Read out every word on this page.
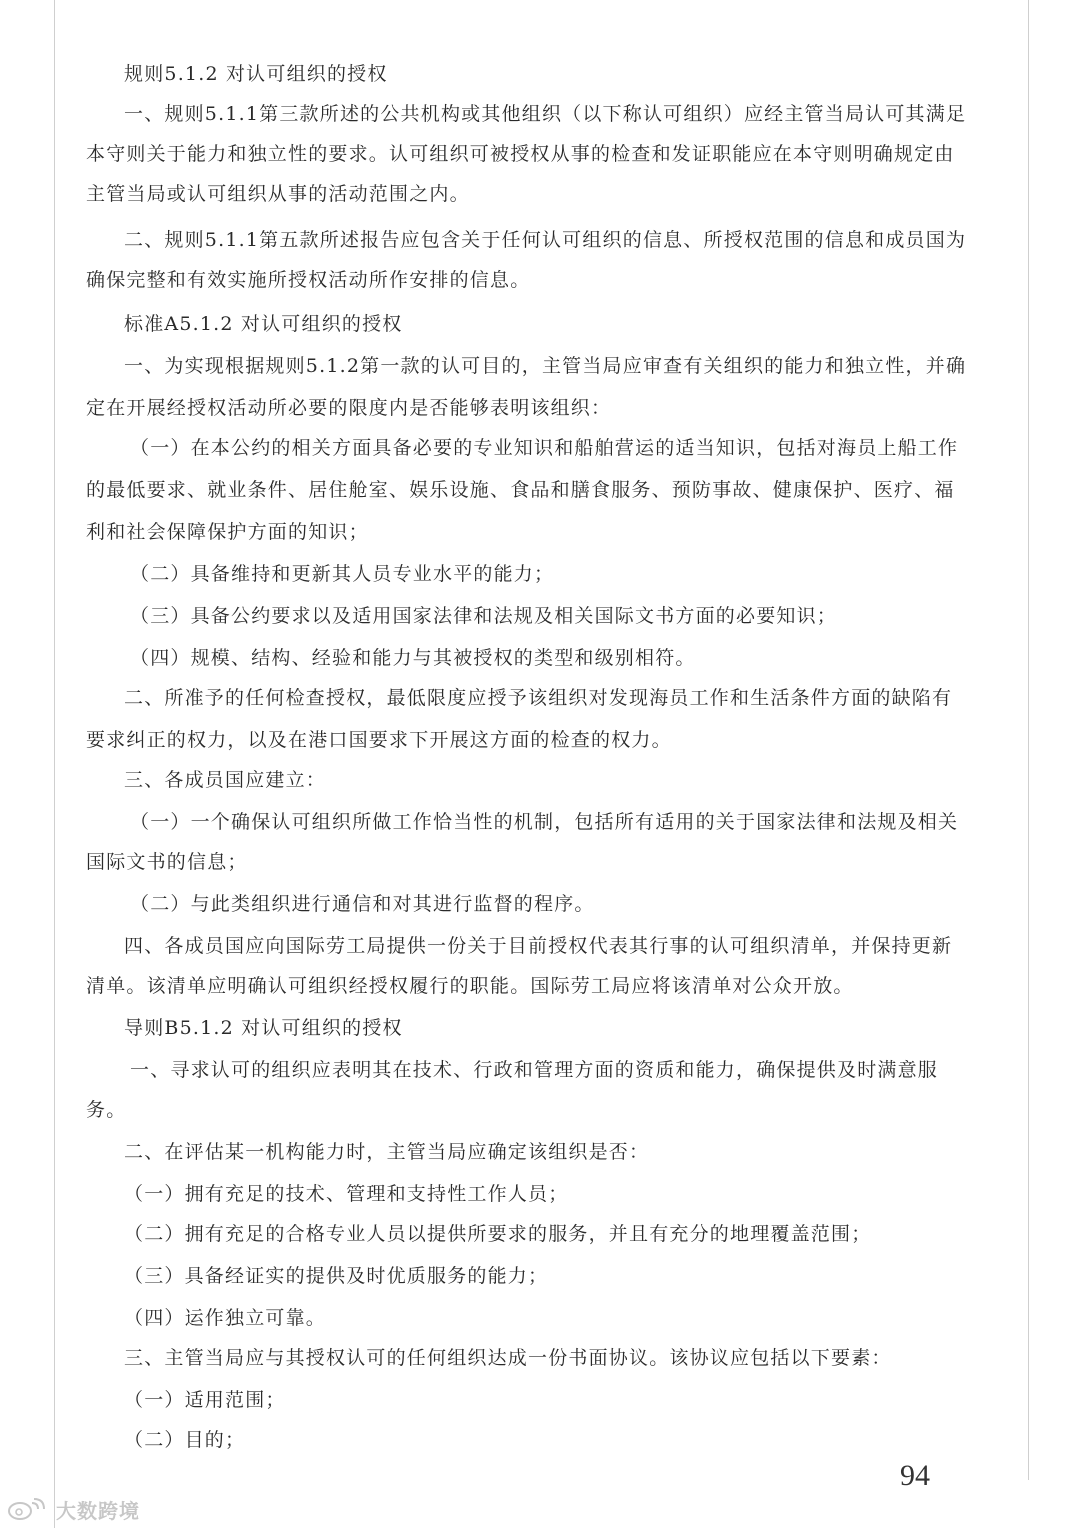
规则5.1.2 对认可组织的授权
一、规则5.1.1第三款所述的公共机构或其他组织（以下称认可组织）应经主管当局认可其满足
本守则关于能力和独立性的要求。认可组织可被授权从事的检查和发证职能应在本守则明确规定由
主管当局或认可组织从事的活动范围之内。
二、规则5.1.1第五款所述报告应包含关于任何认可组织的信息、所授权范围的信息和成员国为
确保完整和有效实施所授权活动所作安排的信息。
标准A5.1.2 对认可组织的授权
一、为实现根据规则5.1.2第一款的认可目的，主管当局应审查有关组织的能力和独立性，并确
定在开展经授权活动所必要的限度内是否能够表明该组织：
（一）在本公约的相关方面具备必要的专业知识和船舶营运的适当知识，包括对海员上船工作
的最低要求、就业条件、居住舱室、娱乐设施、食品和膳食服务、预防事故、健康保护、医疗、福
利和社会保障保护方面的知识；
（二）具备维持和更新其人员专业水平的能力；
（三）具备公约要求以及适用国家法律和法规及相关国际文书方面的必要知识；
（四）规模、结构、经验和能力与其被授权的类型和级别相符。
二、所准予的任何检查授权，最低限度应授予该组织对发现海员工作和生活条件方面的缺陷有
要求纠正的权力，以及在港口国要求下开展这方面的检查的权力。
三、各成员国应建立：
（一）一个确保认可组织所做工作恰当性的机制，包括所有适用的关于国家法律和法规及相关
国际文书的信息；
（二）与此类组织进行通信和对其进行监督的程序。
四、各成员国应向国际劳工局提供一份关于目前授权代表其行事的认可组织清单，并保持更新
清单。该清单应明确认可组织经授权履行的职能。国际劳工局应将该清单对公众开放。
导则B5.1.2 对认可组织的授权
一、寻求认可的组织应表明其在技术、行政和管理方面的资质和能力，确保提供及时满意服
务。
二、在评估某一机构能力时，主管当局应确定该组织是否：
（一）拥有充足的技术、管理和支持性工作人员；
（二）拥有充足的合格专业人员以提供所要求的服务，并且有充分的地理覆盖范围；
（三）具备经证实的提供及时优质服务的能力；
（四）运作独立可靠。
三、主管当局应与其授权认可的任何组织达成一份书面协议。该协议应包括以下要素：
（一）适用范围；
（二）目的；
94
大数跨境
